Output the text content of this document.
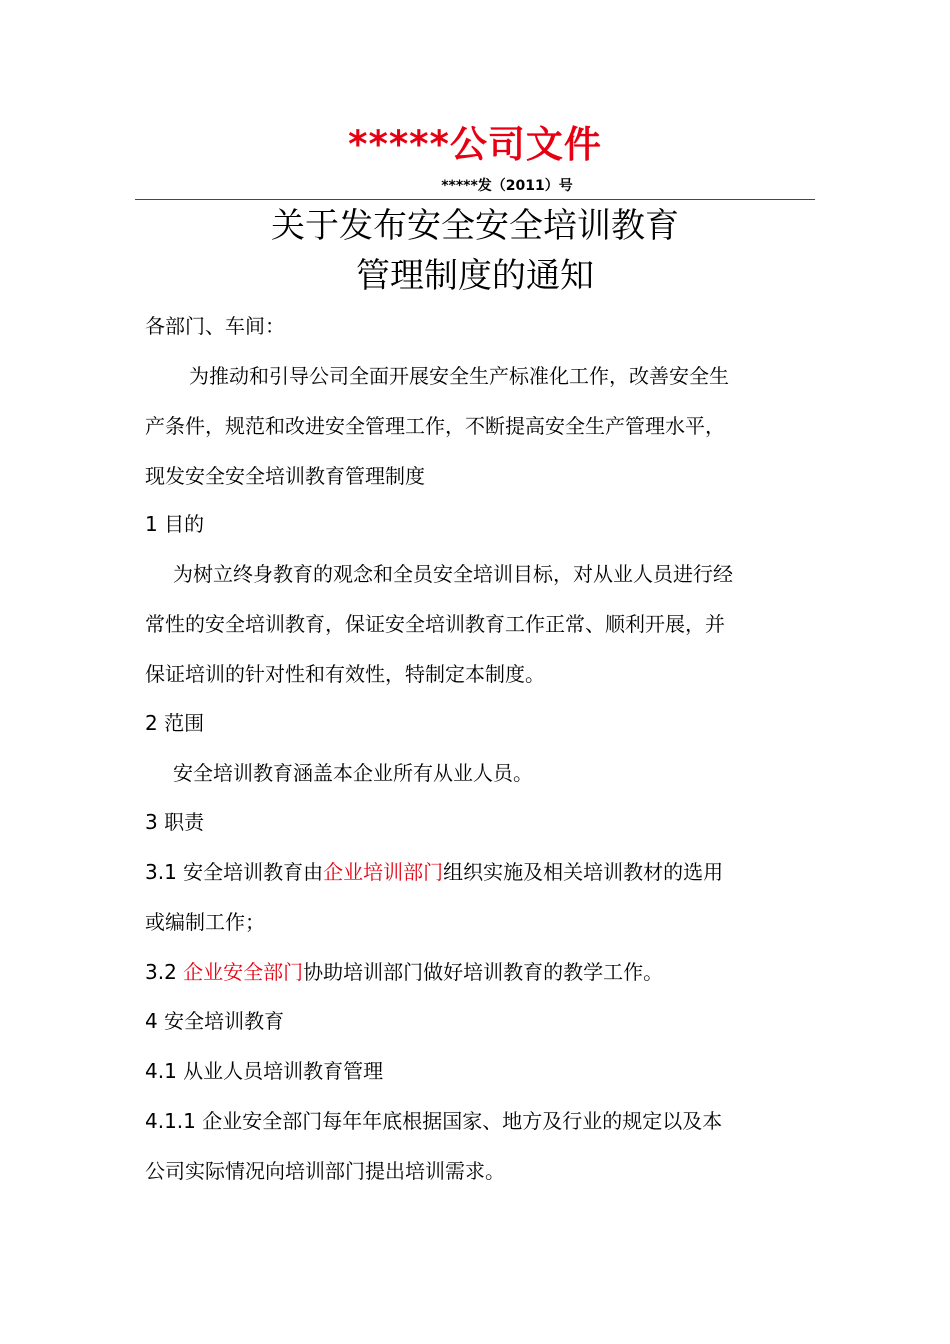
*****公司文件
*****发（2011）号
关于发布安全安全培训教育
管理制度的通知
各部门、车间：
为推动和引导公司全面开展安全生产标准化工作，改善安全生
产条件，规范和改进安全管理工作，不断提高安全生产管理水平，
现发安全安全培训教育管理制度
1 目的
为树立终身教育的观念和全员安全培训目标，对从业人员进行经
常性的安全培训教育，保证安全培训教育工作正常、顺利开展，并
保证培训的针对性和有效性，特制定本制度。
2 范围
安全培训教育涵盖本企业所有从业人员。
3 职责
3.1 安全培训教育由企业培训部门组织实施及相关培训教材的选用
或编制工作；
3.2 企业安全部门协助培训部门做好培训教育的教学工作。
4 安全培训教育
4.1 从业人员培训教育管理
4.1.1 企业安全部门每年年底根据国家、地方及行业的规定以及本
公司实际情况向培训部门提出培训需求。
